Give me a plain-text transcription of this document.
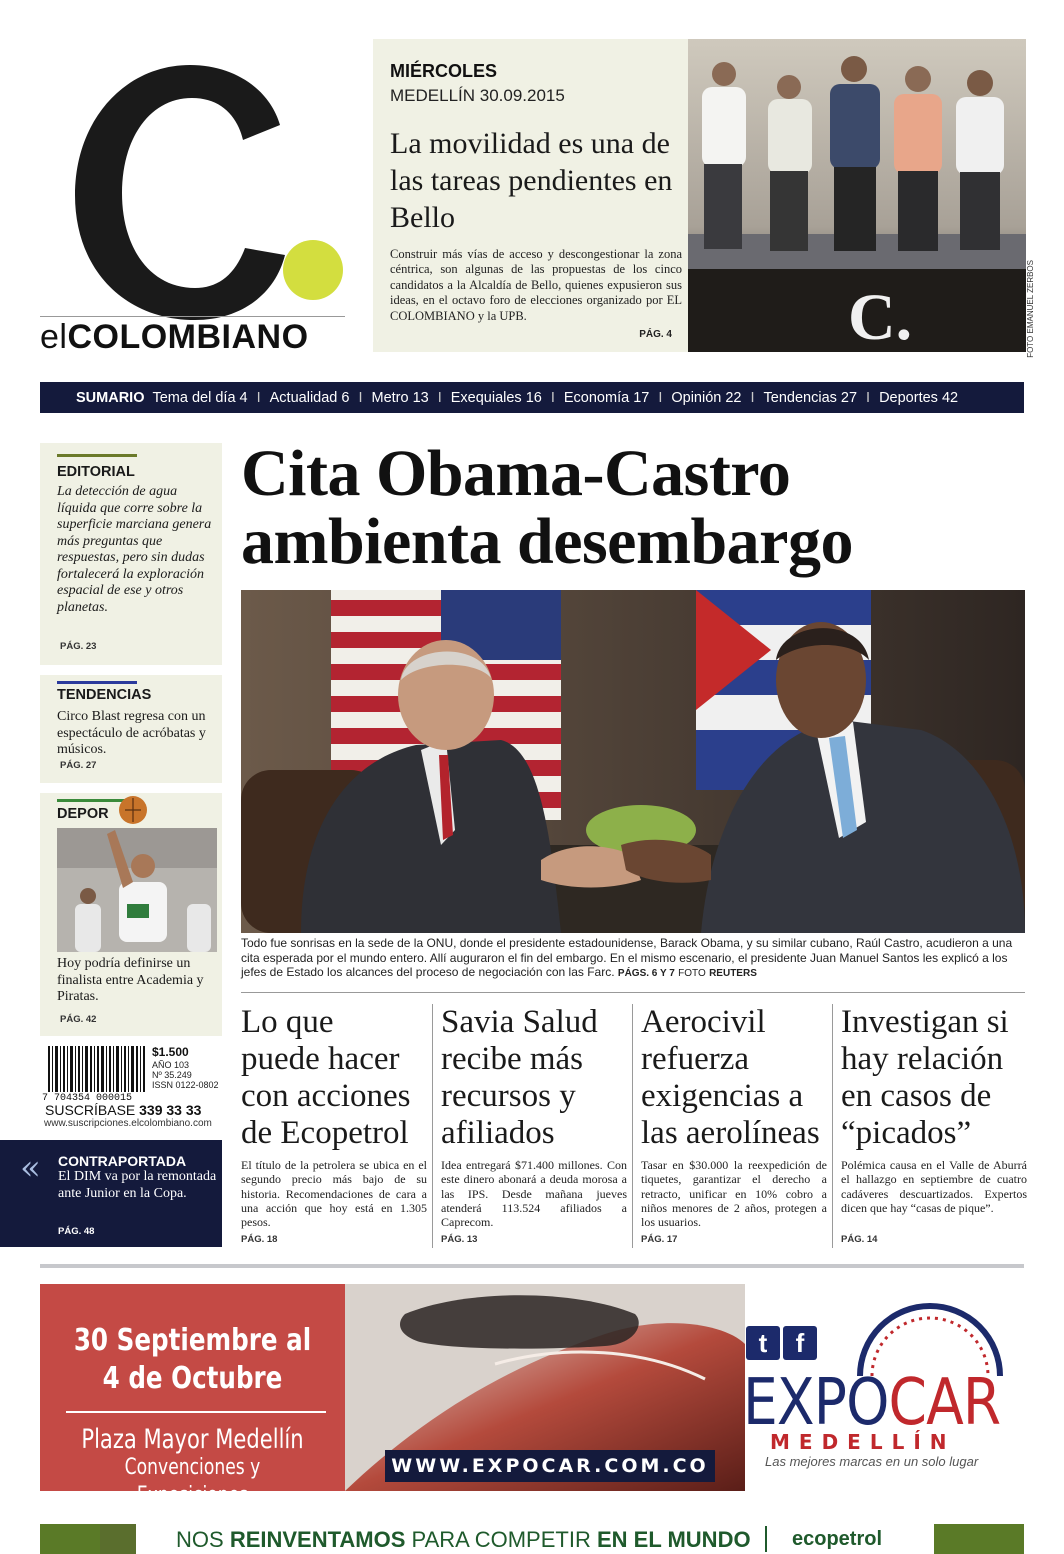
elCOLOMBIANO
MIÉRCOLES
MEDELLÍN 30.09.2015
La movilidad es una de las tareas pendientes en Bello
Construir más vías de acceso y descongestionar la zona céntrica, son algunas de las propuestas de los cinco candidatos a la Alcaldía de Bello, quienes expusieron sus ideas, en el octavo foro de elecciones organizado por EL COLOMBIANO y la UPB.
PÁG. 4	C.	FOTO EMANUEL ZERBOS
SUMARIO Tema del día 4 I Actualidad 6 I Metro 13 I Exequiales 16 I Economía 17 I Opinión 22 I Tendencias 27 I Deportes 42
EDITORIAL
La detección de agua líquida que corre sobre la superficie marciana genera más preguntas que respuestas, pero sin dudas fortalecerá la exploración espacial de ese y otros planetas.
PÁG. 23
TENDENCIAS
Circo Blast regresa con un espectáculo de acróbatas y músicos.
PÁG. 27
DEPOR
Hoy podría definirse un finalista entre Academia y Piratas.
PÁG. 42
$1.500
AÑO 103
Nº 35.249
ISSN 0122-0802
7 704354 000015
SUSCRÍBASE 339 33 33
www.suscripciones.elcolombiano.com
« CONTRAPORTADA
El DIM va por la remontada ante Junior en la Copa.
PÁG. 48
Cita Obama-Castro
ambienta desembargo
Todo fue sonrisas en la sede de la ONU, donde el presidente estadounidense, Barack Obama, y su similar cubano, Raúl Castro, acudieron a una cita esperada por el mundo entero. Allí auguraron el fin del embargo. En el mismo escenario, el presidente Juan Manuel Santos les explicó a los jefes de Estado los alcances del proceso de negociación con las Farc. PÁGS. 6 Y 7 FOTO REUTERS
Lo que
puede hacer
con acciones
de Ecopetrol
El título de la petrolera se ubica en el segundo precio más bajo de su historia. Recomendaciones de cara a una acción que hoy está en 1.305 pesos.
PÁG. 18
Savia Salud
recibe más
recursos y
afiliados
Idea entregará $71.400 millones. Con este dinero abonará a deuda morosa a las IPS. Desde mañana jueves atenderá 113.524 afiliados a Caprecom.
PÁG. 13
Aerocivil
refuerza
exigencias a
las aerolíneas
Tasar en $30.000 la reexpedición de tiquetes, garantizar el derecho a retracto, unificar en 10% cobro a niños menores de 2 años, protegen a los usuarios.
PÁG. 17
Investigan si
hay relación
en casos de
“picados”
Polémica causa en el Valle de Aburrá el hallazgo en septiembre de cuatro cadáveres descuartizados. Expertos dicen que hay “casas de pique”.
PÁG. 14
30 Septiembre al
4 de Octubre
Plaza Mayor Medellín
Convenciones y Exposiciones
WWW.EXPOCAR.COM.CO
t f
EXPOCAR
MEDELLÍN
Las mejores marcas en un solo lugar
NOS REINVENTAMOS PARA COMPETIR EN EL MUNDO ecopetrol
